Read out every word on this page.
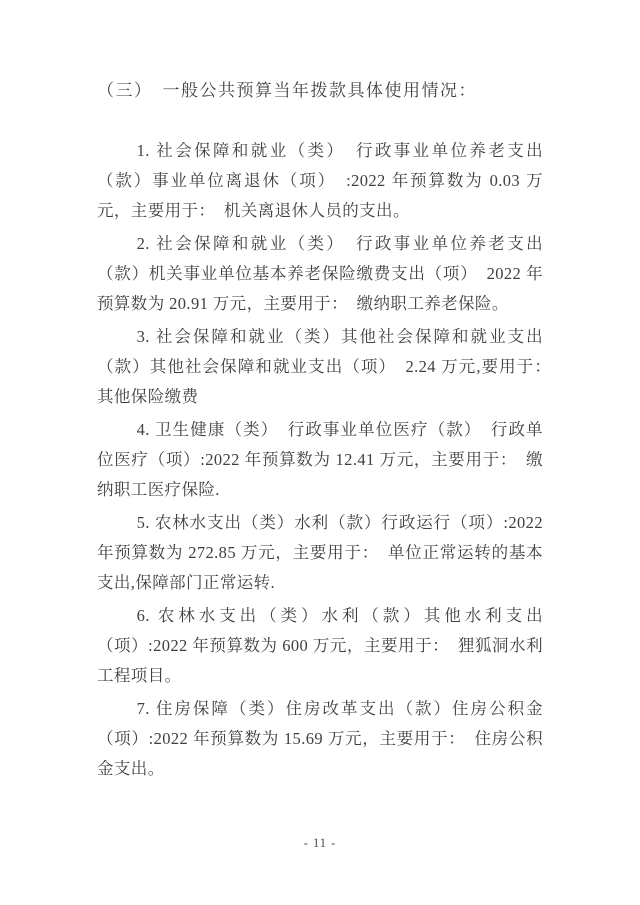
（三）　一般公共预算当年拨款具体使用情况：

1. 社会保障和就业（类）　行政事业单位养老支出（款）事业单位离退休（项）　:2022 年预算数为 0.03 万元，主要用于：　机关离退休人员的支出。

2. 社会保障和就业（类）　行政事业单位养老支出（款）机关事业单位基本养老保险缴费支出（项）　2022 年预算数为 20.91 万元，主要用于：　缴纳职工养老保险。

3. 社会保障和就业（类）其他社会保障和就业支出（款）其他社会保障和就业支出（项）　2.24 万元,要用于：　其他保险缴费

4. 卫生健康（类）　行政事业单位医疗（款）　行政单位医疗（项）:2022 年预算数为 12.41 万元，主要用于：　缴纳职工医疗保险.

5. 农林水支出（类）水利（款）行政运行（项）:2022 年预算数为 272.85 万元，主要用于：　单位正常运转的基本支出,保障部门正常运转.

6. 农林水支出（类）水利（款）其他水利支出（项）:2022 年预算数为 600 万元，主要用于：　狸狐洞水利工程项目。

7. 住房保障（类）住房改革支出（款）住房公积金（项）:2022 年预算数为 15.69 万元，主要用于：　住房公积金支出。

- 11 -
